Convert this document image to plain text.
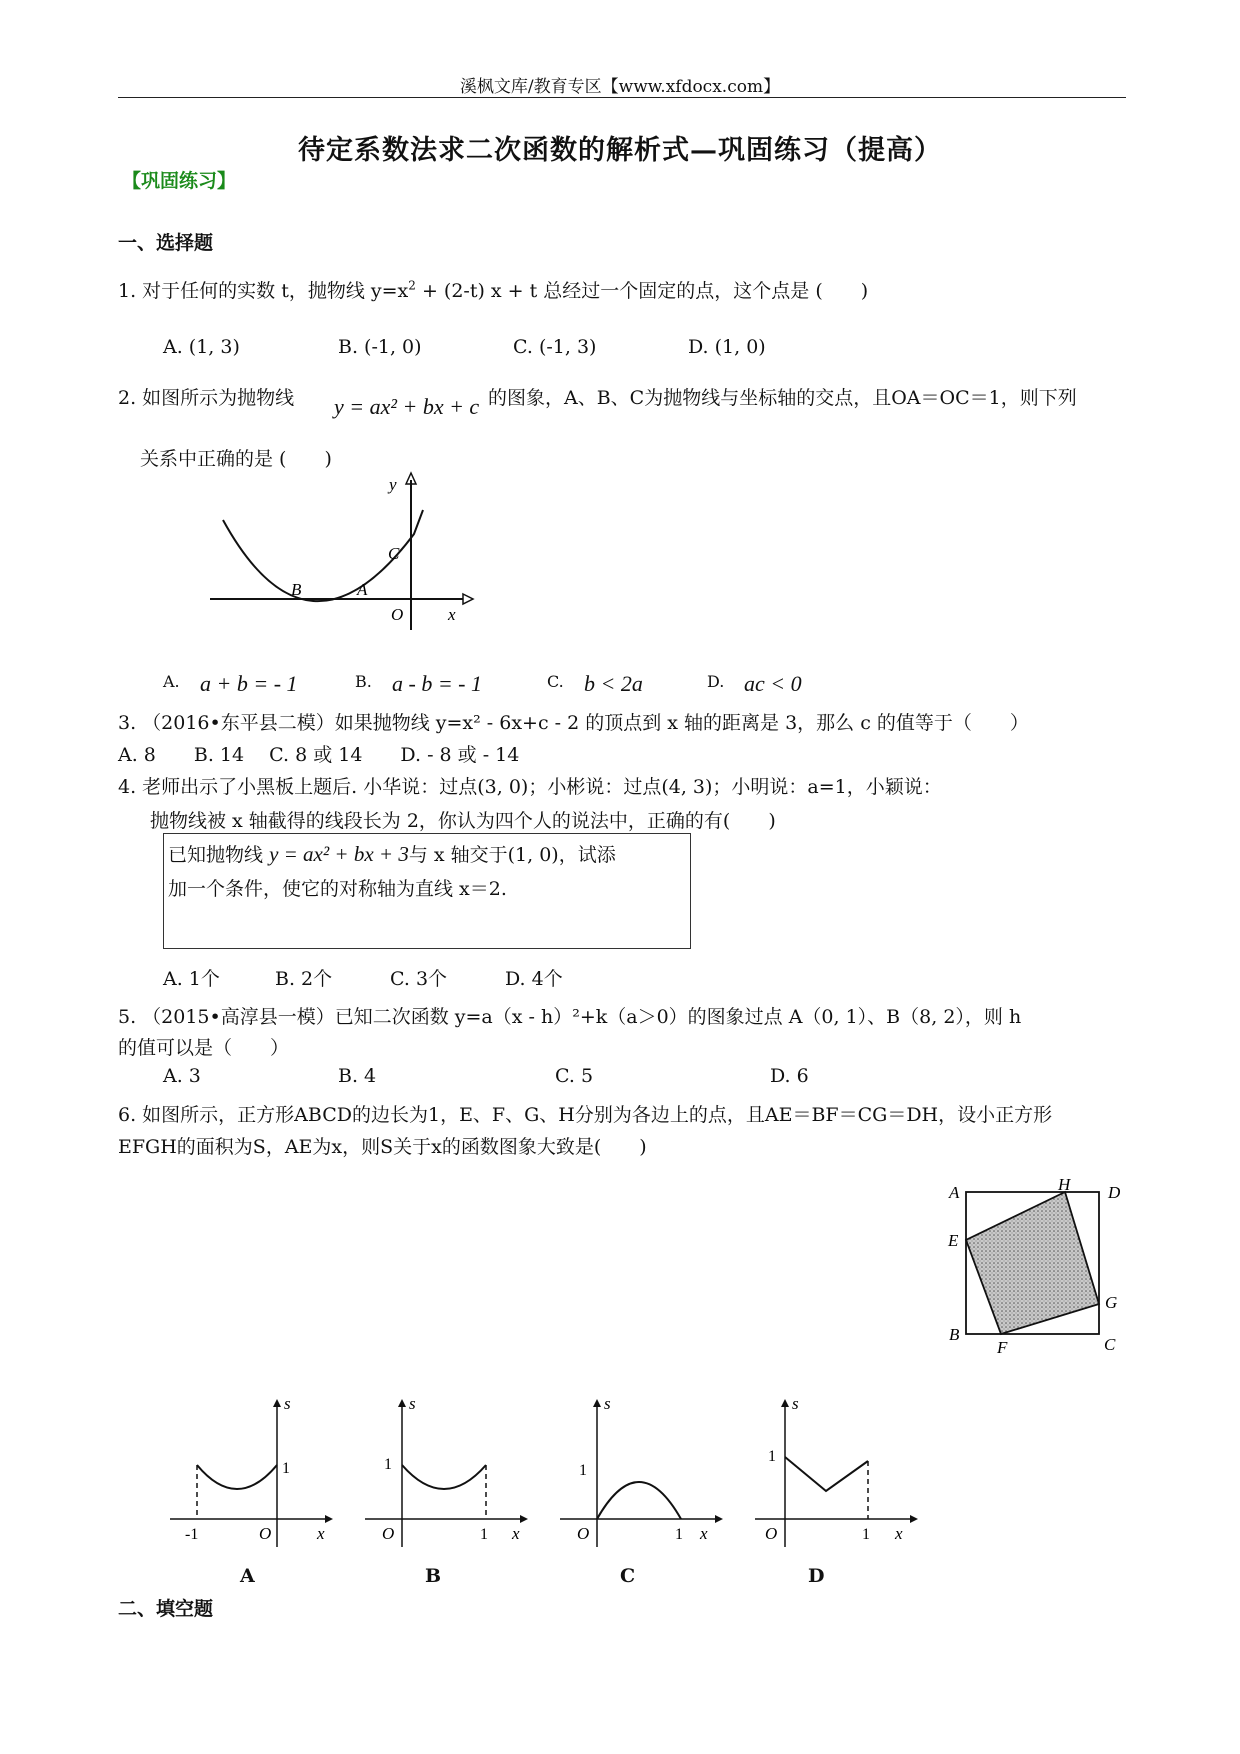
溪枫文库/教育专区【www.xfdocx.com】
待定系数法求二次函数的解析式—巩固练习（提高）
【巩固练习】
一、选择题
1. 对于任何的实数 t，抛物线 $y=x^2 + (2-t) x + t$ 总经过一个固定的点，这个点是 (　　)
A. (1, 3)	B. (-1, 0)	C. (-1, 3)	D. (1, 0)
2. 如图所示为抛物线 y = ax² + bx + c 的图象，A、B、C为抛物线与坐标轴的交点，且OA＝OC＝1，则下列
关系中正确的是 (　　)
y
x
O
A
B
C
A. a + b = - 1	B. a - b = - 1	C. b < 2a	D. ac < 0
3. （2016•东平县二模）如果抛物线 y=x² - 6x+c - 2 的顶点到 x 轴的距离是 3，那么 c 的值等于（　　）
A. 8　　B. 14　 C. 8 或 14　　D. - 8 或 - 14
4. 老师出示了小黑板上题后. 小华说：过点(3, 0)；小彬说：过点(4, 3)；小明说：a=1，小颖说：
抛物线被 x 轴截得的线段长为 2，你认为四个人的说法中，正确的有(　　)
已知抛物线 y = ax² + bx + 3与 x 轴交于(1, 0)，试添
加一个条件，使它的对称轴为直线 x＝2.
A. 1个	B. 2个	C. 3个	D. 4个
5. （2015•高淳县一模）已知二次函数 y=a（x - h）²+k（a＞0）的图象过点 A（0, 1）、B（8, 2），则 h
的值可以是（　　）
A. 3	B. 4	C. 5	D. 6
6. 如图所示，正方形ABCD的边长为1，E、F、G、H分别为各边上的点，且AE＝BF＝CG＝DH，设小正方形
EFGH的面积为S，AE为x，则S关于x的函数图象大致是(　　)
A	H D
E
G
B
F	C
s
1
-1	O	x
A
s
1
O	1 x
B
s
1
O	1 x
C
s
1
O	1 x
D
二、填空题
